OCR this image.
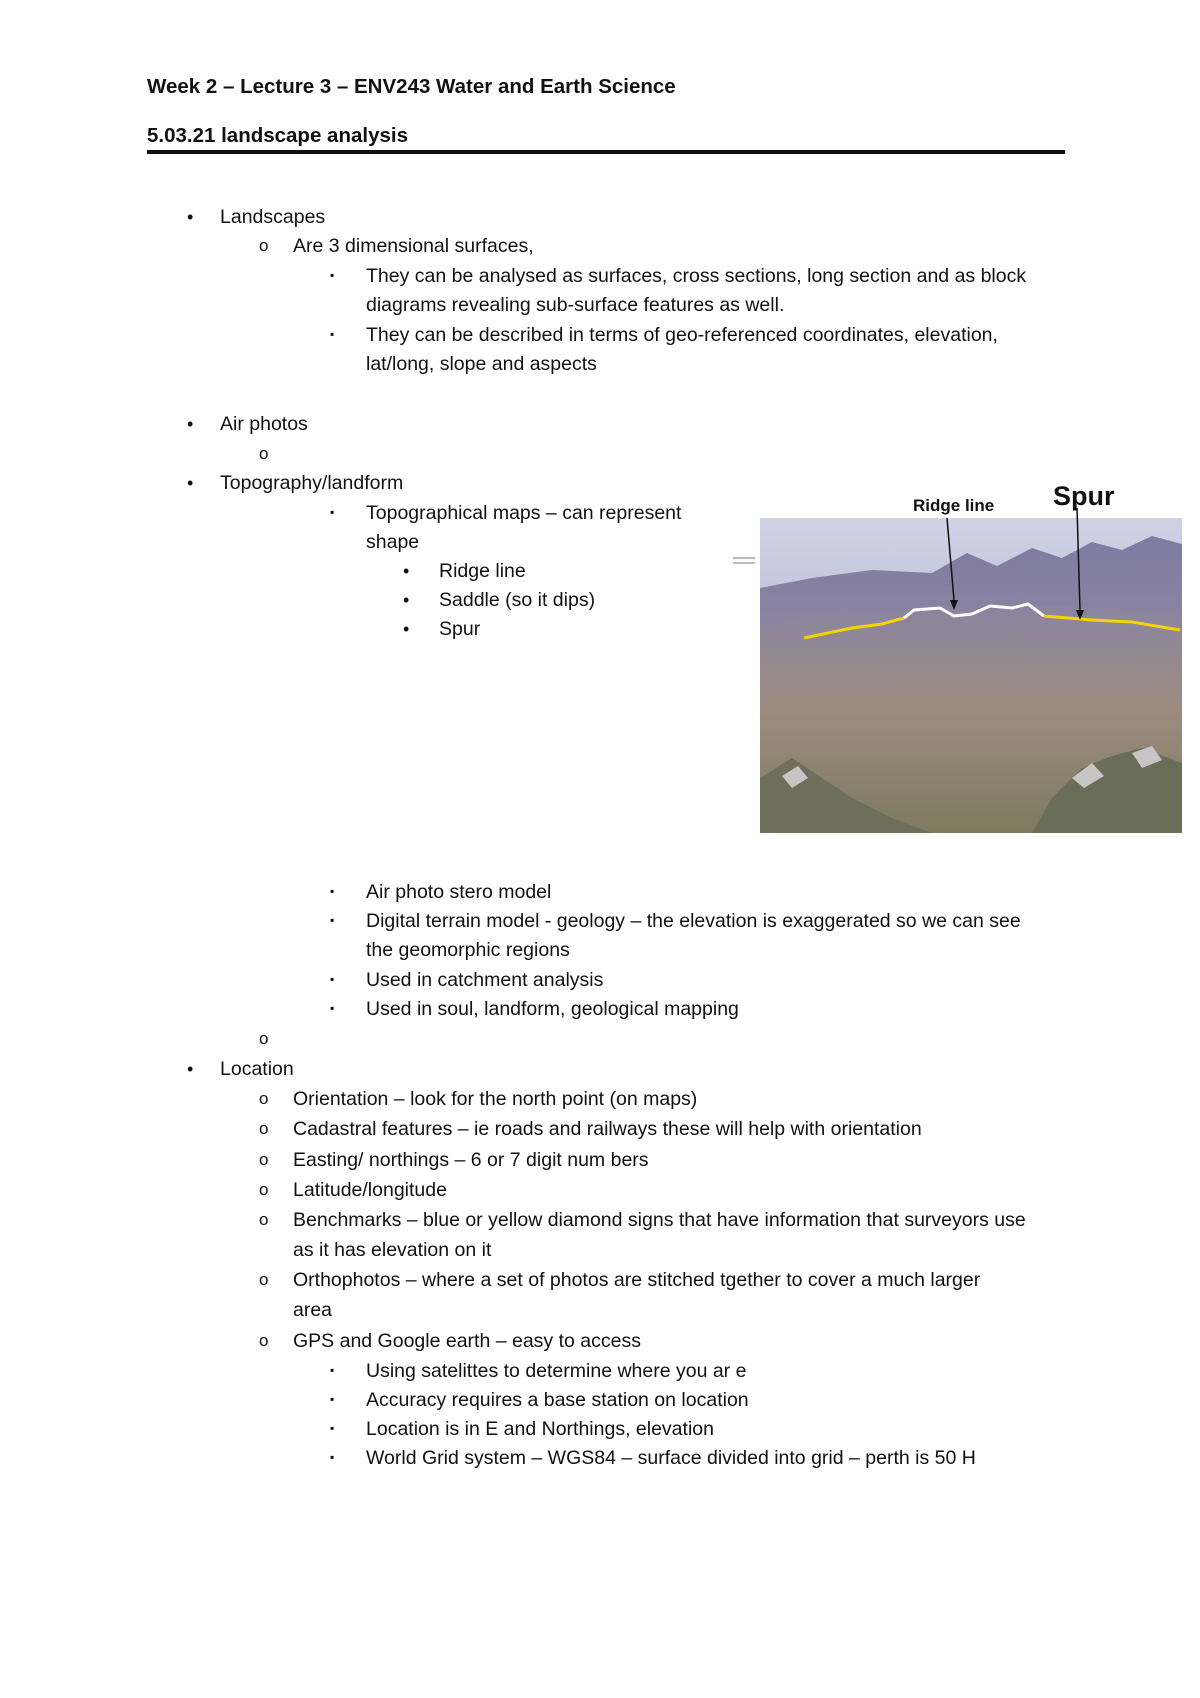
Week 2 – Lecture 3 – ENV243 Water and Earth Science
5.03.21 landscape analysis
• Landscapes
o Are 3 dimensional surfaces,
▪ They can be analysed as surfaces, cross sections, long section and as block
diagrams revealing sub-surface features as well.
▪ They can be described in terms of geo-referenced coordinates, elevation,
lat/long, slope and aspects
• Air photos
o
• Topography/landform
▪ Topographical maps – can represent
shape
• Ridge line
• Saddle (so it dips)
• Spur
Ridge line Spur
▪ Air photo stero model
▪ Digital terrain model - geology – the elevation is exaggerated so we can see
the geomorphic regions
▪ Used in catchment analysis
▪ Used in soul, landform, geological mapping
o
• Location
o Orientation – look for the north point (on maps)
o Cadastral features – ie roads and railways these will help with orientation
o Easting/ northings – 6 or 7 digit num bers
o Latitude/longitude
o Benchmarks – blue or yellow diamond signs that have information that surveyors use
as it has elevation on it
o Orthophotos – where a set of photos are stitched tgether to cover a much larger
area
o GPS and Google earth – easy to access
▪ Using satelittes to determine where you ar e
▪ Accuracy requires a base station on location
▪ Location is in E and Northings, elevation
▪ World Grid system – WGS84 – surface divided into grid – perth is 50 H
